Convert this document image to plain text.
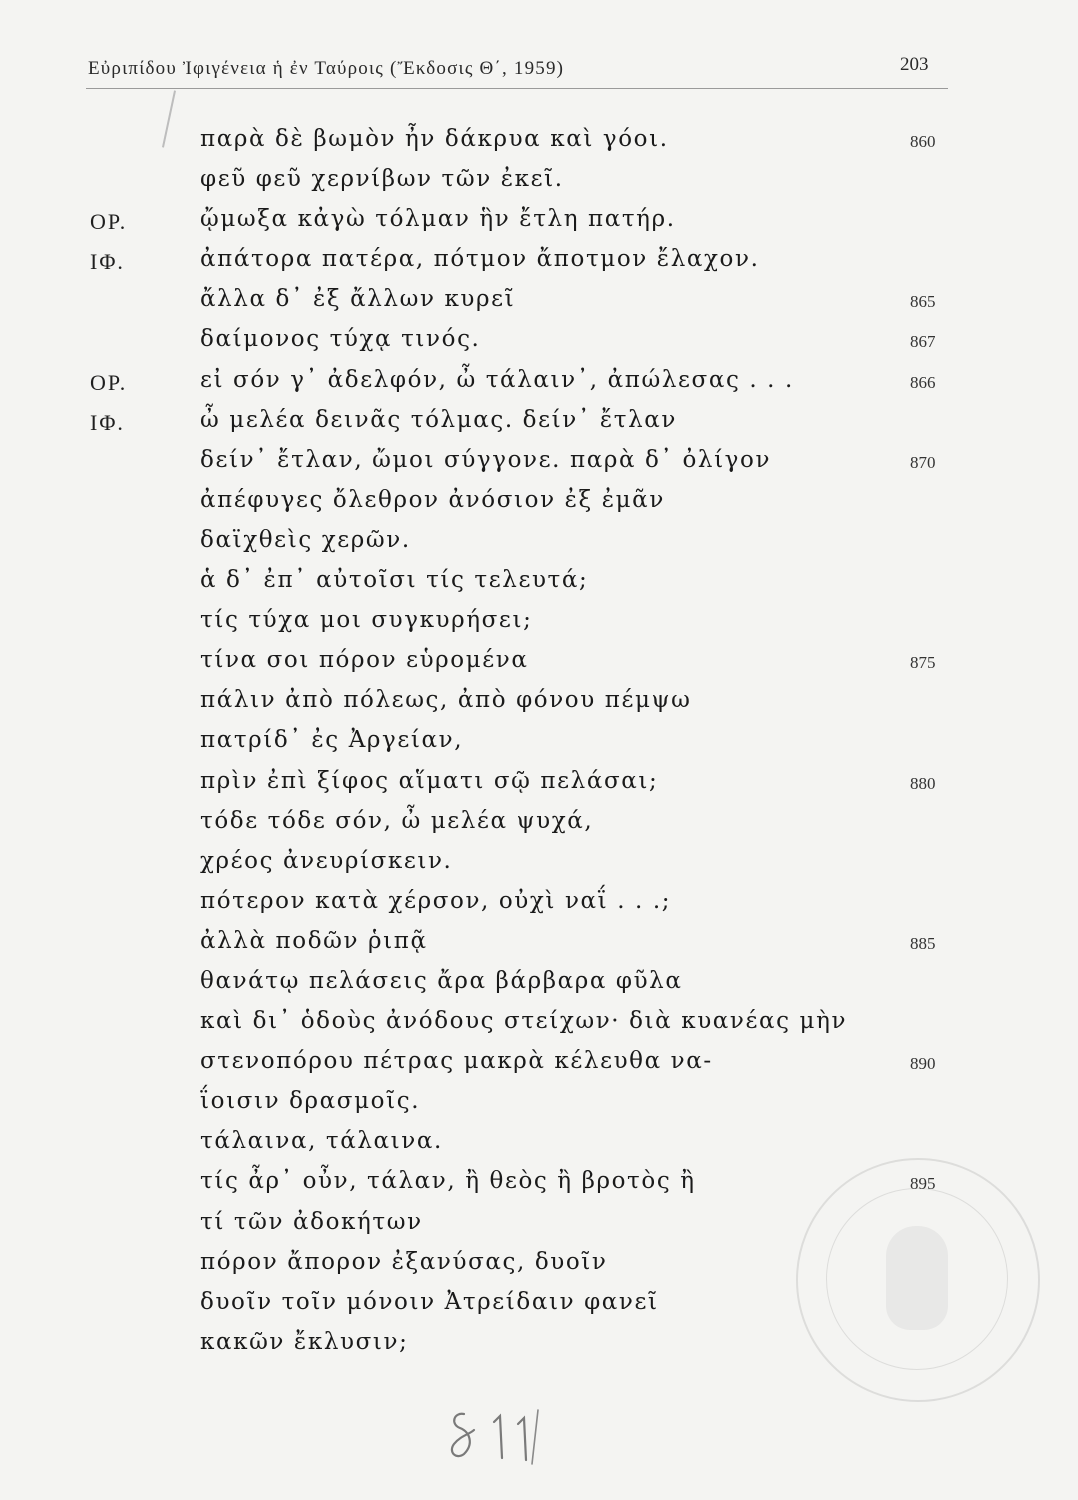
Εὐριπίδου Ἰφιγένεια ἡ ἐν Ταύροις (Ἔκδοσις Θ΄, 1959)	203
παρὰ δὲ βωμὸν ἦν δάκρυα καὶ γόοι.	860
φεῦ φεῦ χερνίβων τῶν ἐκεῖ.
ΟΡ.	ᾤμωξα κἀγὼ τόλμαν ἣν ἔτλη πατήρ.
ΙΦ.	ἀπάτορα πατέρα, πότμον ἄποτμον ἔλαχον.
ἄλλα δ᾽ ἐξ ἄλλων κυρεῖ	865
δαίμονος τύχᾳ τινός.	867
ΟΡ.	εἰ σόν γ᾽ ἀδελφόν, ὦ τάλαιν᾽, ἀπώλεσας . . .	866
ΙΦ.	ὦ μελέα δεινᾶς τόλμας. δείν᾽ ἔτλαν
δείν᾽ ἔτλαν, ὤμοι σύγγονε. παρὰ δ᾽ ὀλίγον	870
ἀπέφυγες ὄλεθρον ἀνόσιον ἐξ ἐμᾶν
δαϊχθεὶς χερῶν.
ἁ δ᾽ ἐπ᾽ αὐτοῖσι τίς τελευτά;
τίς τύχα μοι συγκυρήσει;
τίνα σοι πόρον εὑρομένα	875
πάλιν ἀπὸ πόλεως, ἀπὸ φόνου πέμψω
πατρίδ᾽ ἐς Ἀργείαν,
πρὶν ἐπὶ ξίφος αἵματι σῷ πελάσαι;	880
τόδε τόδε σόν, ὦ μελέα ψυχά,
χρέος ἀνευρίσκειν.
πότερον κατὰ χέρσον, οὐχὶ ναΐ . . .;
ἀλλὰ ποδῶν ῥιπᾷ	885
θανάτῳ πελάσεις ἄρα βάρβαρα φῦλα
καὶ δι᾽ ὁδοὺς ἀνόδους στείχων· διὰ κυανέας μὴν
στενοπόρου πέτρας μακρὰ κέλευθα να-	890
ΐοισιν δρασμοῖς.
τάλαινα, τάλαινα.
τίς ἆρ᾽ οὖν, τάλαν, ἢ θεὸς ἢ βροτὸς ἢ	895
τί τῶν ἀδοκήτων
πόρον ἄπορον ἐξανύσας, δυοῖν
δυοῖν τοῖν μόνοιν Ἀτρείδαιν φανεῖ
κακῶν ἔκλυσιν;
